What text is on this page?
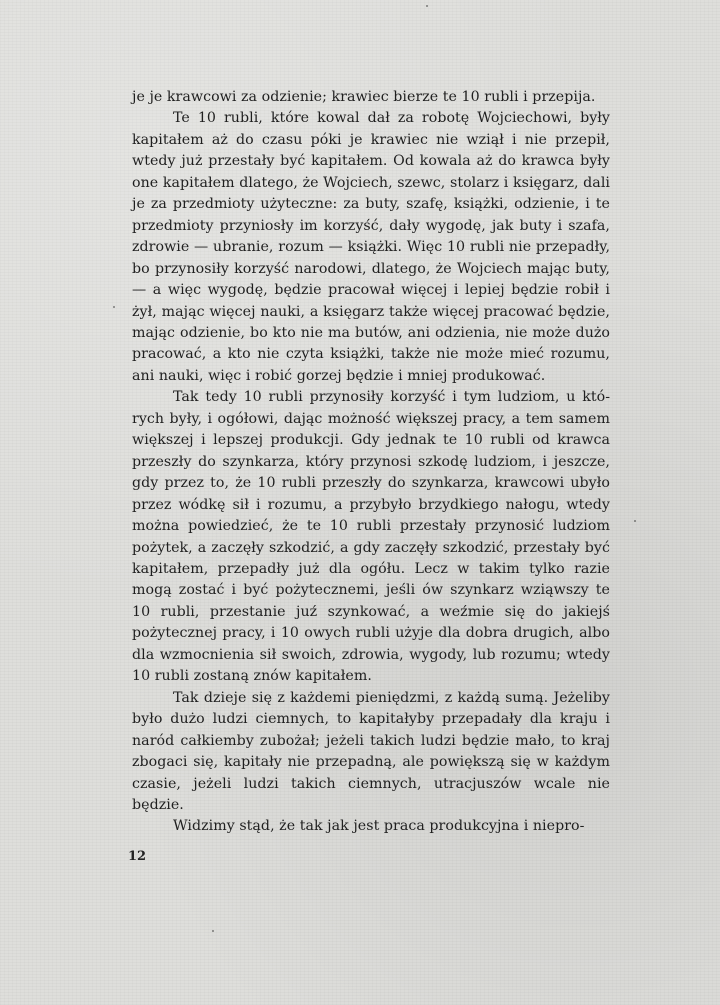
je je krawcowi za odzienie; krawiec bierze te 10 rubli i przepija.

Te 10 rubli, które kowal dał za robotę Wojciechowi, były kapitałem aż do czasu póki je krawiec nie wziął i nie przepił, wtedy już przestały być kapitałem. Od kowala aż do krawca były one kapitałem dlatego, że Wojciech, szewc, stolarz i księgarz, dali je za przedmioty użyteczne: za buty, szafę, książki, odzienie, i te przedmioty przyniosły im korzyść, dały wygodę, jak buty i szafa, zdrowie — ubranie, rozum — książki. Więc 10 rubli nie przepadły, bo przynosiły korzyść narodowi, dlatego, że Wojciech mając buty, — a więc wygodę, będzie pracował więcej i lepiej będzie robił i żył, mając więcej nauki, a księgarz także więcej pracować będzie, mając odzienie, bo kto nie ma butów, ani odzienia, nie może dużo pracować, a kto nie czyta książki, także nie może mieć rozumu, ani nauki, więc i robić gorzej będzie i mniej produkować.

Tak tedy 10 rubli przynosiły korzyść i tym ludziom, u których były, i ogółowi, dając możność większej pracy, a tem samem większej i lepszej produkcji. Gdy jednak te 10 rubli od krawca przeszły do szynkarza, który przynosi szkodę ludziom, i jeszcze, gdy przez to, że 10 rubli przeszły do szynkarza, krawcowi ubyło przez wódkę sił i rozumu, a przybyło brzydkiego nałogu, wtedy można powiedzieć, że te 10 rubli przestały przynosić ludziom pożytek, a zaczęły szkodzić, a gdy zaczęły szkodzić, przestały być kapitałem, przepadły już dla ogółu. Lecz w takim tylko razie mogą zostać i być pożytecznemi, jeśli ów szynkarz wziąwszy te 10 rubli, przestanie juź szynkować, a weźmie się do jakiejś pożytecznej pracy, i 10 owych rubli użyje dla dobra drugich, albo dla wzmocnienia sił swoich, zdrowia, wygody, lub rozumu; wtedy 10 rubli zostaną znów kapitałem.

Tak dzieje się z każdemi pieniędzmi, z każdą sumą. Jeżeliby było dużo ludzi ciemnych, to kapitałyby przepadały dla kraju i naród całkiemby zubożał; jeżeli takich ludzi będzie mało, to kraj zbogaci się, kapitały nie przepadną, ale powiększą się w każdym czasie, jeżeli ludzi takich ciemnych, utracjuszów wcale nie będzie.

Widzimy stąd, że tak jak jest praca produkcyjna i niepro-

12
